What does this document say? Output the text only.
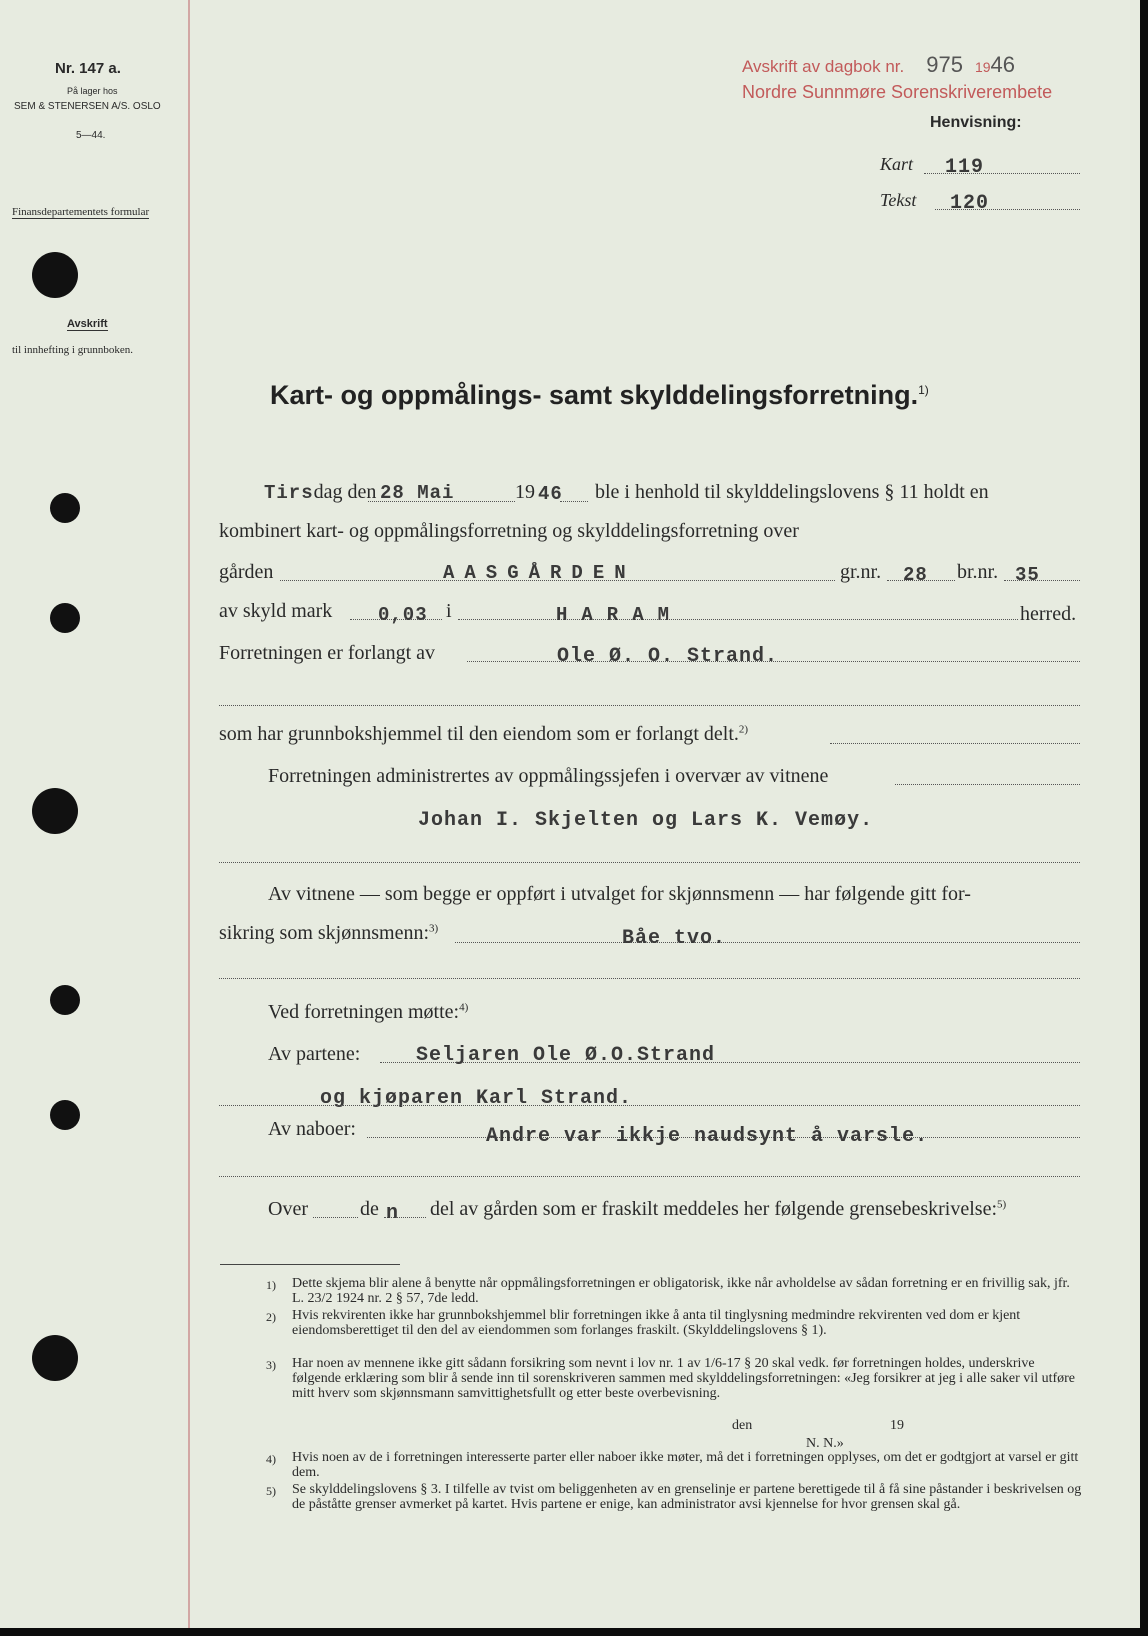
Nr. 147 a.
På lager hos
SEM & STENERSEN A/S. OSLO
5—44.
Finansdepartementets formular
Avskrift
til innhefting i grunnboken.
Avskrift av dagbok nr. 975 1946
Nordre Sunnmøre Sorenskriverembete
Henvisning:
Kart 119
Tekst 120
Kart- og oppmålings- samt skylddelingsforretning.$^{1)}$
Tirsdag den 28 Mai	19 46 ble i henhold til skylddelingslovens § 11 holdt en
kombinert kart- og oppmålingsforretning og skylddelingsforretning over
gården	AASGÅRDEN	gr.nr. 28 br.nr. 35
av skyld mark 0,03 i	HARAM	herred.
Forretningen er forlangt av	Ole Ø. O. Strand.
som har grunnbokshjemmel til den eiendom som er forlangt delt.$^{2)}$
Forretningen administrertes av oppmålingssjefen i overvær av vitnene
Johan I. Skjelten og Lars K. Vemøy.
Av vitnene — som begge er oppført i utvalget for skjønnsmenn — har følgende gitt for-
sikring som skjønnsmenn:$^{3)}$	Båe tvo.
Ved forretningen møtte:$^{4)}$
Av partene:	Seljaren Ole Ø.O.Strand
og kjøparen Karl Strand.
Av naboer:	Andre var ikkje naudsynt å varsle.
Over	de n del av gården som er fraskilt meddeles her følgende grensebeskrivelse:$^{5)}$
1) Dette skjema blir alene å benytte når oppmålingsforretningen er obligatorisk, ikke når avholdelse av sådan forretning er en frivillig sak, jfr. L. 23/2 1924 nr. 2 § 57, 7de ledd.
2) Hvis rekvirenten ikke har grunnbokshjemmel blir forretningen ikke å anta til tinglysning medmindre rekvirenten ved dom er kjent eiendomsberettiget til den del av eiendommen som forlanges fraskilt. (Skylddelingslovens § 1).
3) Har noen av mennene ikke gitt sådann forsikring som nevnt i lov nr. 1 av 1/6-17 § 20 skal vedk. før forretningen holdes, underskrive følgende erklæring som blir å sende inn til sorenskriveren sammen med skylddelingsforretningen: «Jeg forsikrer at jeg i alle saker vil utføre mitt hverv som skjønnsmann samvittighetsfullt og etter beste overbevisning.
den	19
N. N.»
4) Hvis noen av de i forretningen interesserte parter eller naboer ikke møter, må det i forretningen opplyses, om det er godtgjort at varsel er gitt dem.
5) Se skylddelingslovens § 3. I tilfelle av tvist om beliggenheten av en grenselinje er partene berettigede til å få sine påstander i beskrivelsen og de påståtte grenser avmerket på kartet. Hvis partene er enige, kan administrator avsi kjennelse for hvor grensen skal gå.
